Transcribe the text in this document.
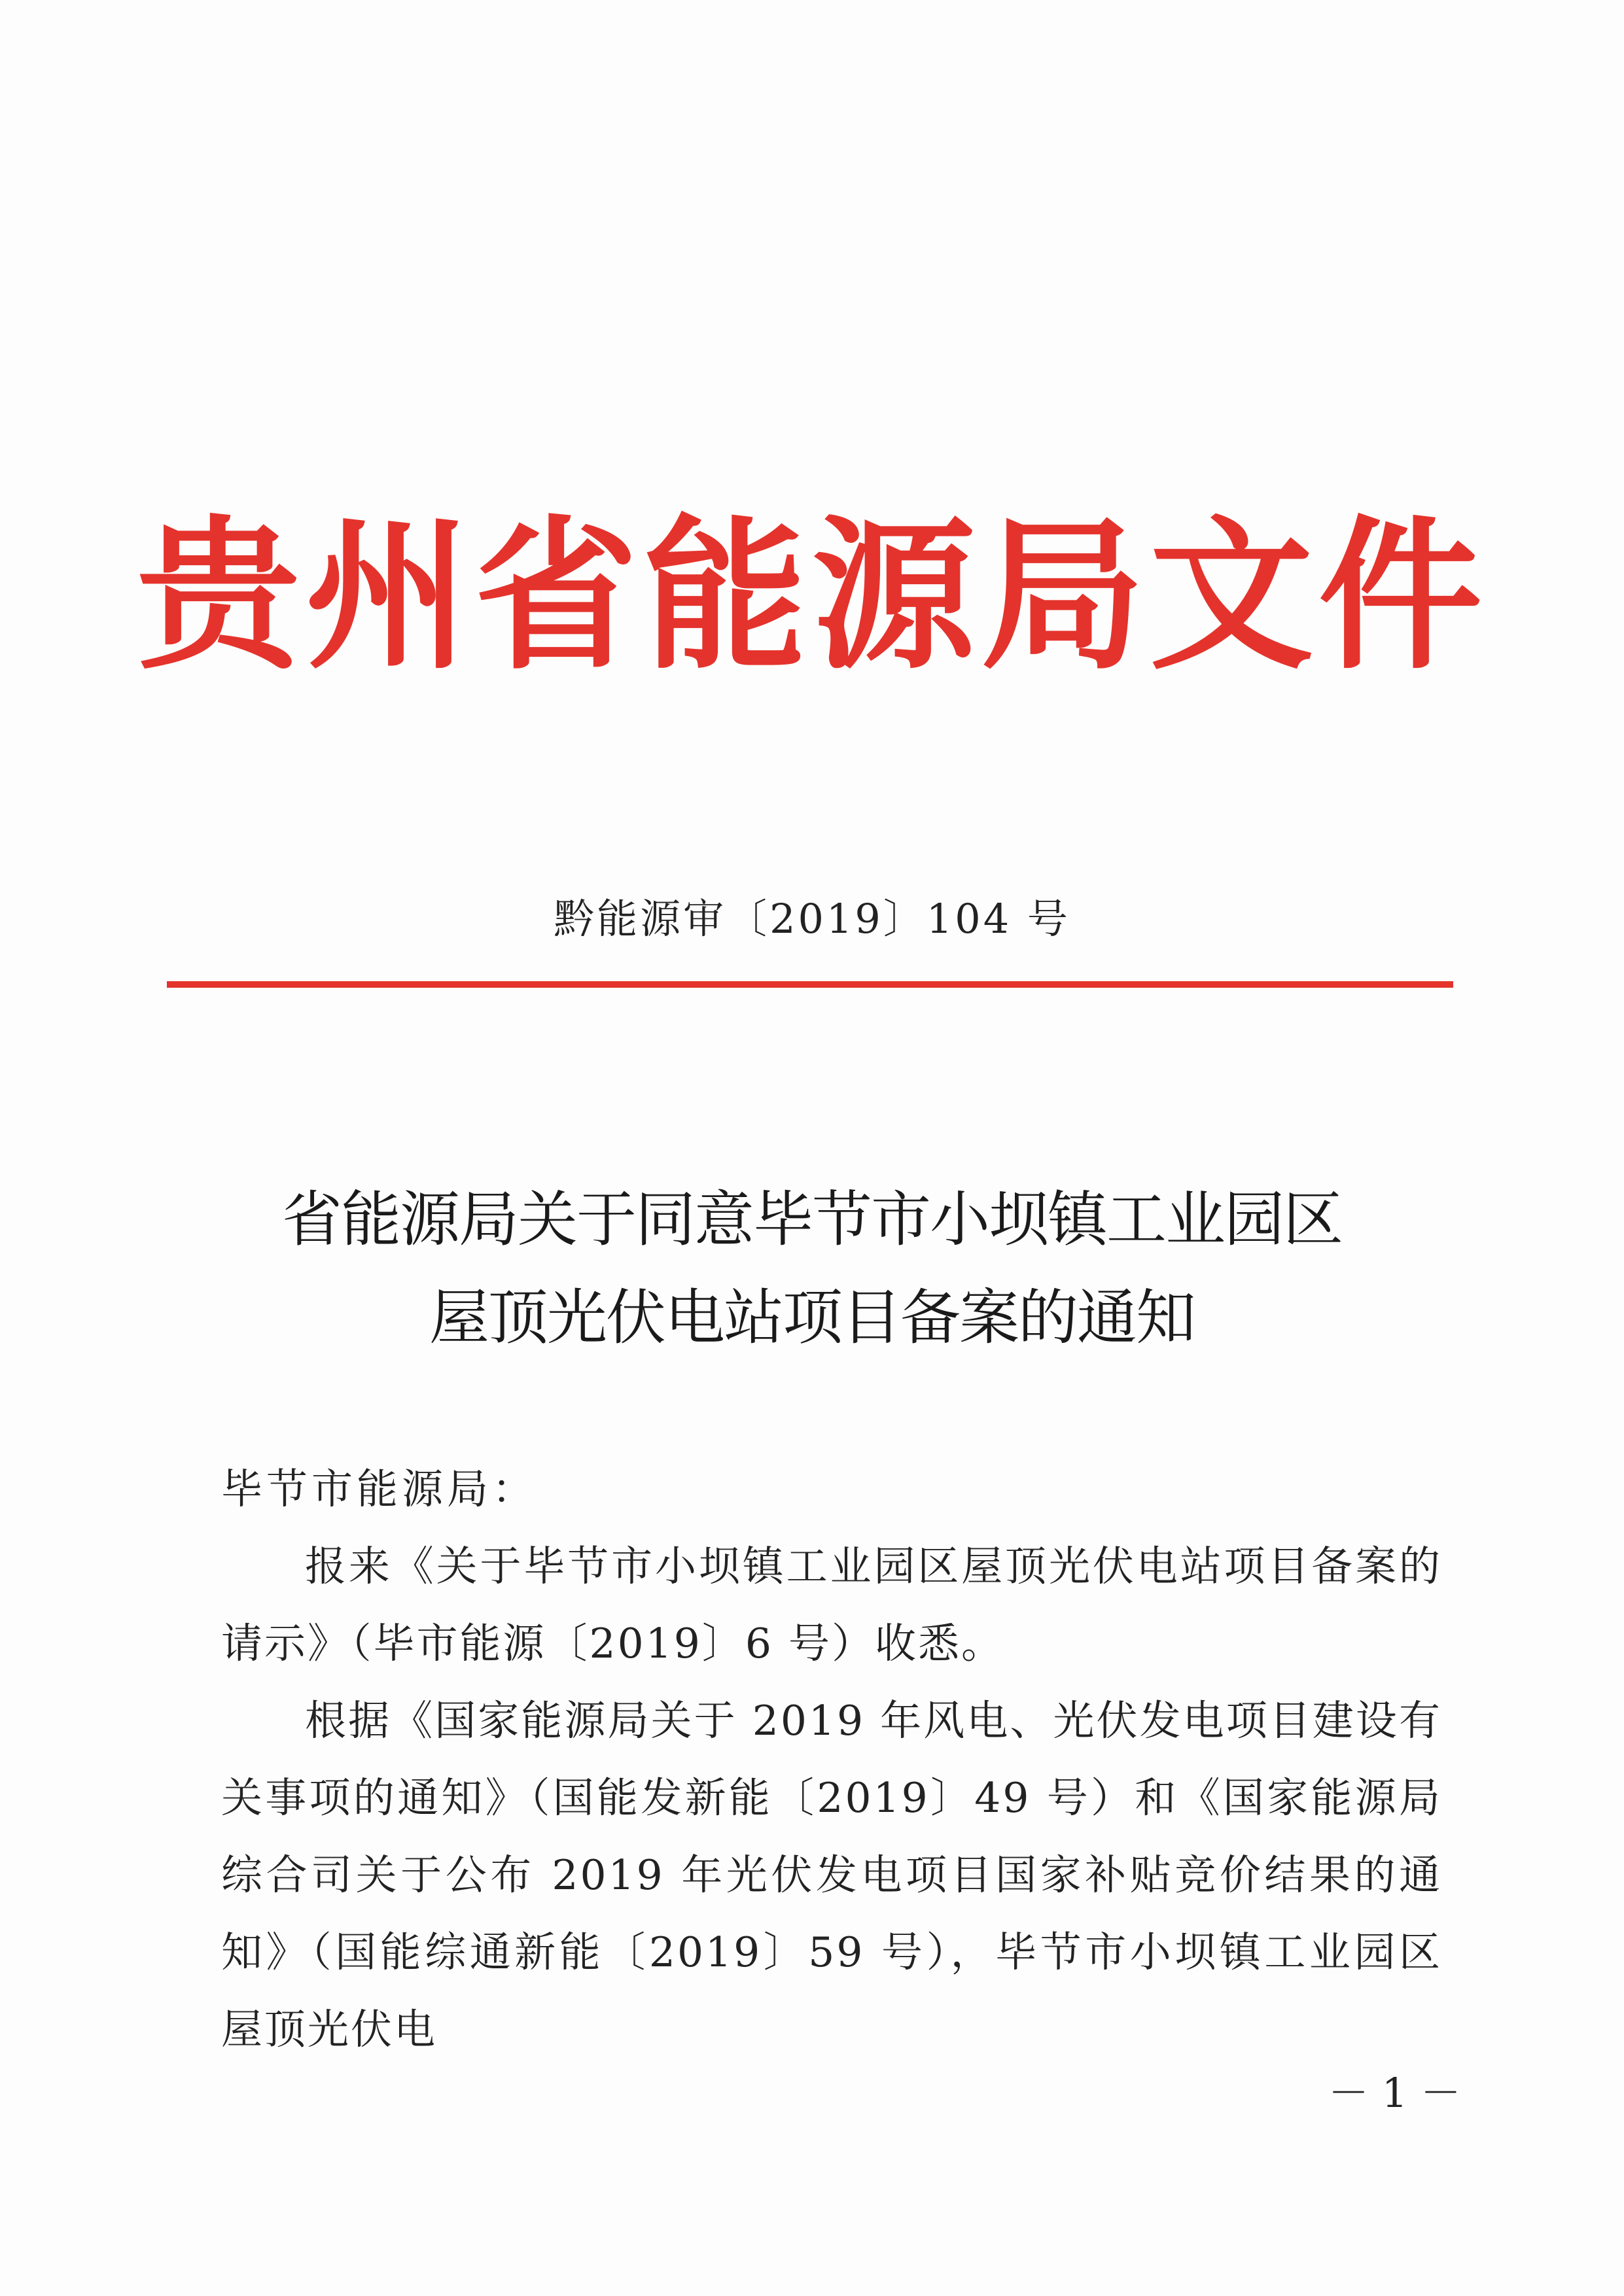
贵州省能源局文件
黔能源审〔2019〕104 号
省能源局关于同意毕节市小坝镇工业园区
屋顶光伏电站项目备案的通知
毕节市能源局：
报来《关于毕节市小坝镇工业园区屋顶光伏电站项目备案的请示》（毕市能源〔2019〕6 号）收悉。
根据《国家能源局关于 2019 年风电、光伏发电项目建设有关事项的通知》（国能发新能〔2019〕49 号）和《国家能源局综合司关于公布 2019 年光伏发电项目国家补贴竞价结果的通知》（国能综通新能〔2019〕59 号），毕节市小坝镇工业园区屋顶光伏电
－ 1 －
